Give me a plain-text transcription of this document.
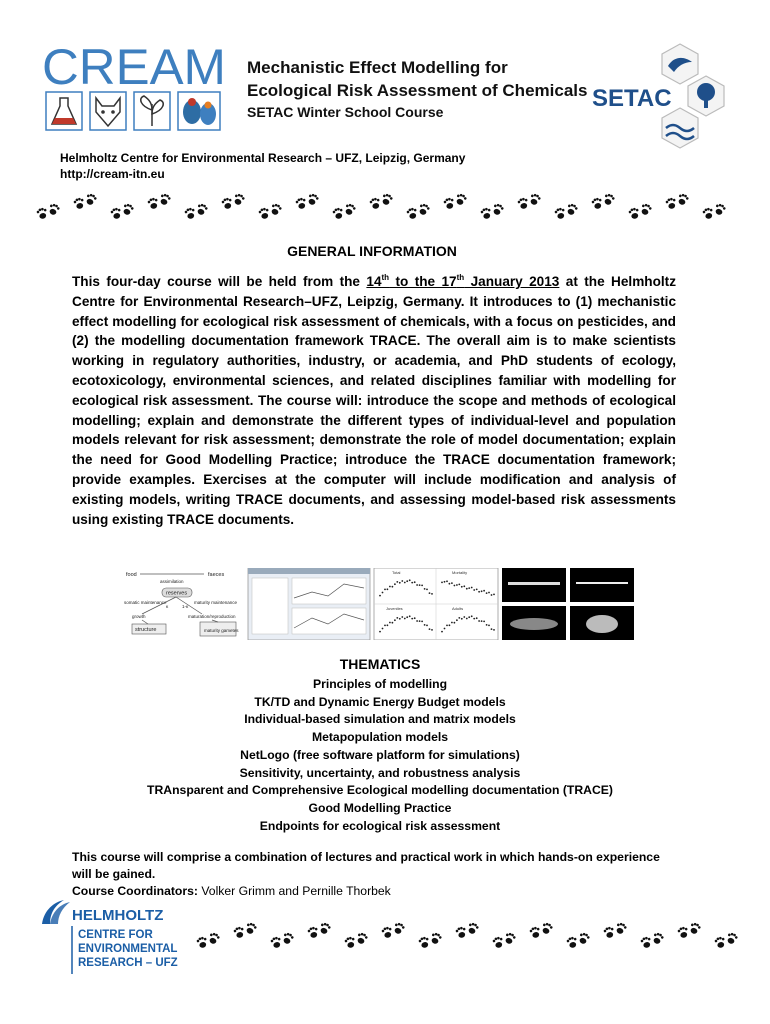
CREAM Mechanistic Effect Modelling for
Ecological Risk Assessment of Chemicals
SETAC Winter School Course	SETAC
Helmholtz Centre for Environmental Research – UFZ, Leipzig, Germany
http://cream-itn.eu
GENERAL INFORMATION
This four-day course will be held from the 14th to the 17th January 2013 at the Helmholtz Centre for Environmental Research–UFZ, Leipzig, Germany. It introduces to (1) mechanistic effect modelling for ecological risk assessment of chemicals, with a focus on pesticides, and (2) the modelling documentation framework TRACE. The overall aim is to make scientists working in regulatory authorities, industry, or academia, and PhD students of ecology, ecotoxicology, environmental sciences, and related disciplines familiar with modelling for ecological risk assessment. The course will: introduce the scope and methods of ecological modelling; explain and demonstrate the different types of individual-level and population models relevant for risk assessment; demonstrate the role of model documentation; explain the need for Good Modelling Practice; introduce the TRACE documentation framework; provide examples. Exercises at the computer will include modification and analysis of existing models, writing TRACE documents, and assessing model-based risk assessments using existing TRACE documents.
food	faeces
assimilation
reserves
somatic maintenance	maturity maintenance
κ	1-κ
growth	maturation/reproduction
structure	maturity gametes
Total	Mortality
Juveniles	Adults
THEMATICS
Principles of modelling
TK/TD and Dynamic Energy Budget models
Individual-based simulation and matrix models
Metapopulation models
NetLogo (free software platform for simulations)
Sensitivity, uncertainty, and robustness analysis
TRAnsparent and Comprehensive Ecological modelling documentation (TRACE)
Good Modelling Practice
Endpoints for ecological risk assessment
This course will comprise a combination of lectures and practical work in which hands-on experience will be gained.
Course Coordinators: Volker Grimm and Pernille Thorbek
HELMHOLTZ
CENTRE FOR
ENVIRONMENTAL
RESEARCH – UFZ
